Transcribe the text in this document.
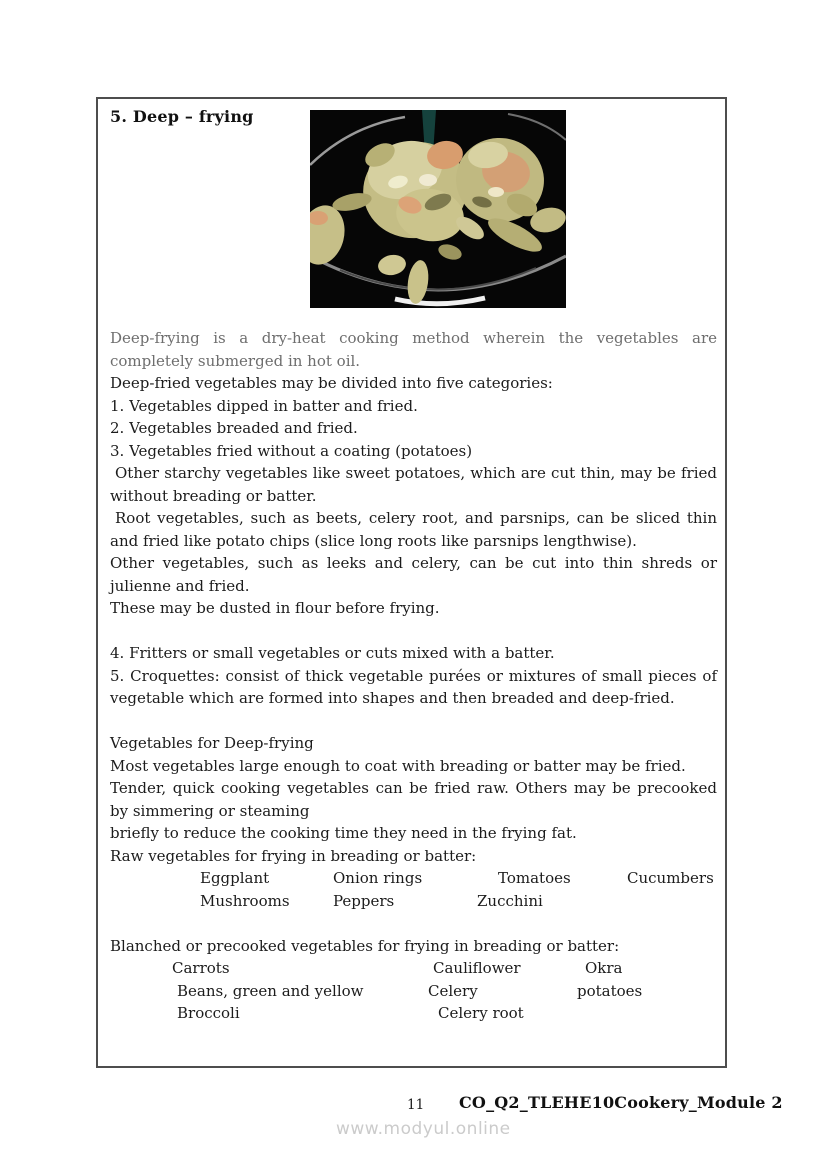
5. Deep – frying

Deep-frying is a dry-heat cooking method wherein the vegetables are completely submerged in hot oil.

Deep-fried vegetables may be divided into five categories:

1. Vegetables dipped in batter and fried.

2. Vegetables breaded and fried.

3. Vegetables fried without a coating (potatoes)

Other starchy vegetables like sweet potatoes, which are cut thin, may be fried without breading or batter.

Root vegetables, such as beets, celery root, and parsnips, can be sliced thin and fried like potato chips (slice long roots like parsnips lengthwise).

Other vegetables, such as leeks and celery, can be cut into thin shreds or julienne and fried.

These may be dusted in flour before frying.

4. Fritters or small vegetables or cuts mixed with a batter.

5. Croquettes: consist of thick vegetable purées or mixtures of small pieces of vegetable which are formed into shapes and then breaded and deep-fried.

Vegetables for Deep-frying

Most vegetables large enough to coat with breading or batter may be fried.

Tender, quick cooking vegetables can be fried raw. Others may be precooked by simmering or steaming

briefly to reduce the cooking time they need in the frying fat.

Raw vegetables for frying in breading or batter:

Eggplant	Onion rings	Tomatoes	Cucumbers
Mushrooms	Peppers	Zucchini

Blanched or precooked vegetables for frying in breading or batter:

Carrots	Cauliflower	Okra
Beans, green and yellow	Celery	potatoes
Broccoli	Celery root
11 CO_Q2_TLEHE10Cookery_Module 2
www.modyul.online
